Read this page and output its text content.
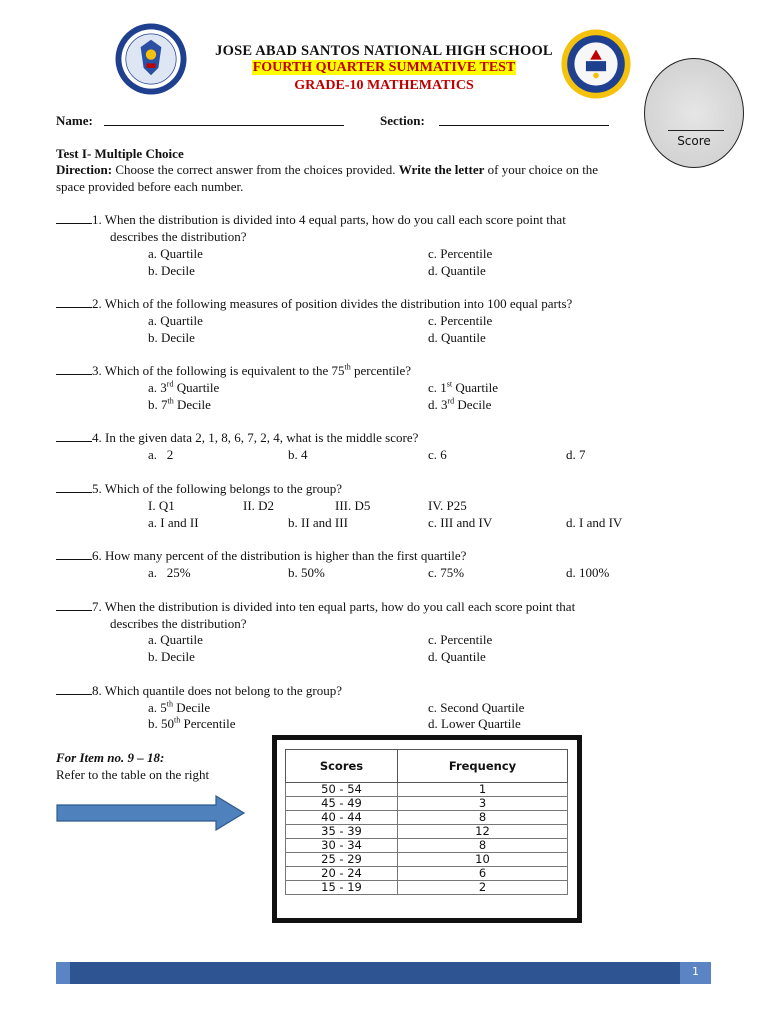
JOSE ABAD SANTOS NATIONAL HIGH SCHOOL
FOURTH QUARTER SUMMATIVE TEST
GRADE-10 MATHEMATICS
Score
Name:	Section:
Test I- Multiple Choice
Direction: Choose the correct answer from the choices provided. Write the letter of your choice on the
space provided before each number.
1. When the distribution is divided into 4 equal parts, how do you call each score point that
describes the distribution?
a. Quartile	c. Percentile
b. Decile	d. Quantile
2. Which of the following measures of position divides the distribution into 100 equal parts?
a. Quartile	c. Percentile
b. Decile	d. Quantile
3. Which of the following is equivalent to the 75th percentile?
a. 3rd Quartile	c. 1st Quartile
b. 7th Decile	d. 3rd Decile
4. In the given data 2, 1, 8, 6, 7, 2, 4, what is the middle score?
a.   2	b. 4	c. 6	d. 7
5. Which of the following belongs to the group?
I. Q1	II. D2	III. D5	IV. P25
a. I and II	b. II and III	c. III and IV	d. I and IV
6. How many percent of the distribution is higher than the first quartile?
a.   25%	b. 50%	c. 75%	d. 100%
7. When the distribution is divided into ten equal parts, how do you call each score point that
describes the distribution?
a. Quartile	c. Percentile
b. Decile	d. Quantile
8. Which quantile does not belong to the group?
a. 5th Decile	c. Second Quartile
b. 50th Percentile	d. Lower Quartile
For Item no. 9 – 18:
Refer to the table on the right
Scores	Frequency
50 - 54	1
45 - 49	3
40 - 44	8
35 - 39	12
30 - 34	8
25 - 29	10
20 - 24	6
15 - 19	2
1
